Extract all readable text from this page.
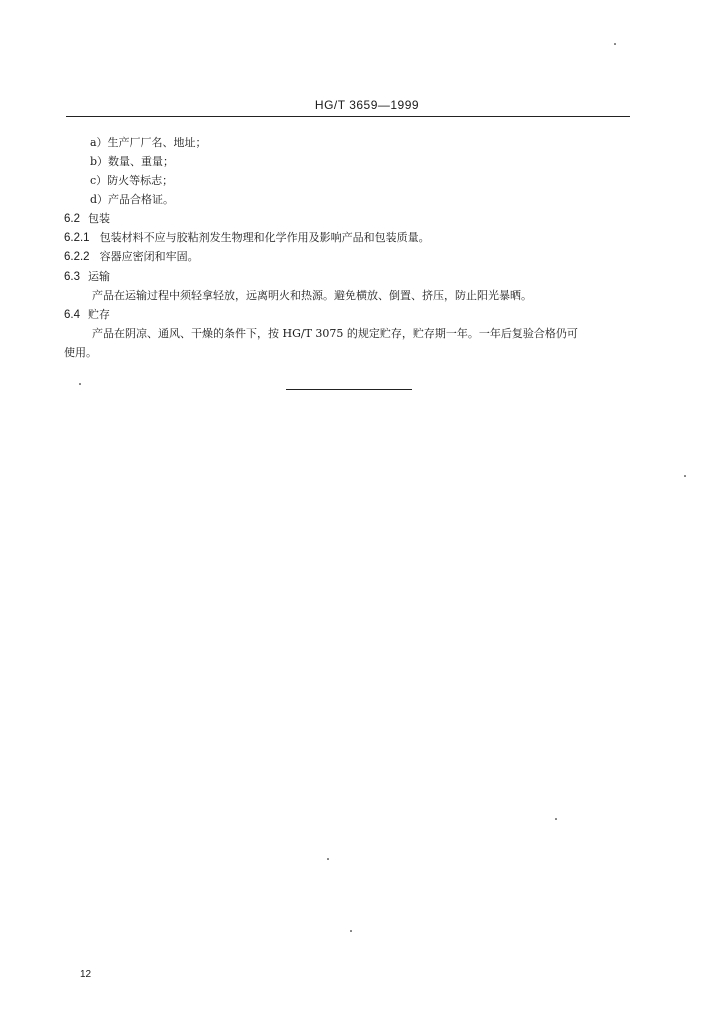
HG/T 3659—1999
a）生产厂厂名、地址；
b）数量、重量；
c）防火等标志；
d）产品合格证。
6.2 包装
6.2.1 包装材料不应与胶粘剂发生物理和化学作用及影响产品和包装质量。
6.2.2 容器应密闭和牢固。
6.3 运输
产品在运输过程中须轻拿轻放，远离明火和热源。避免横放、倒置、挤压，防止阳光暴晒。
6.4 贮存
产品在阴凉、通风、干燥的条件下，按 HG/T 3075 的规定贮存，贮存期一年。一年后复验合格仍可
使用。
12
